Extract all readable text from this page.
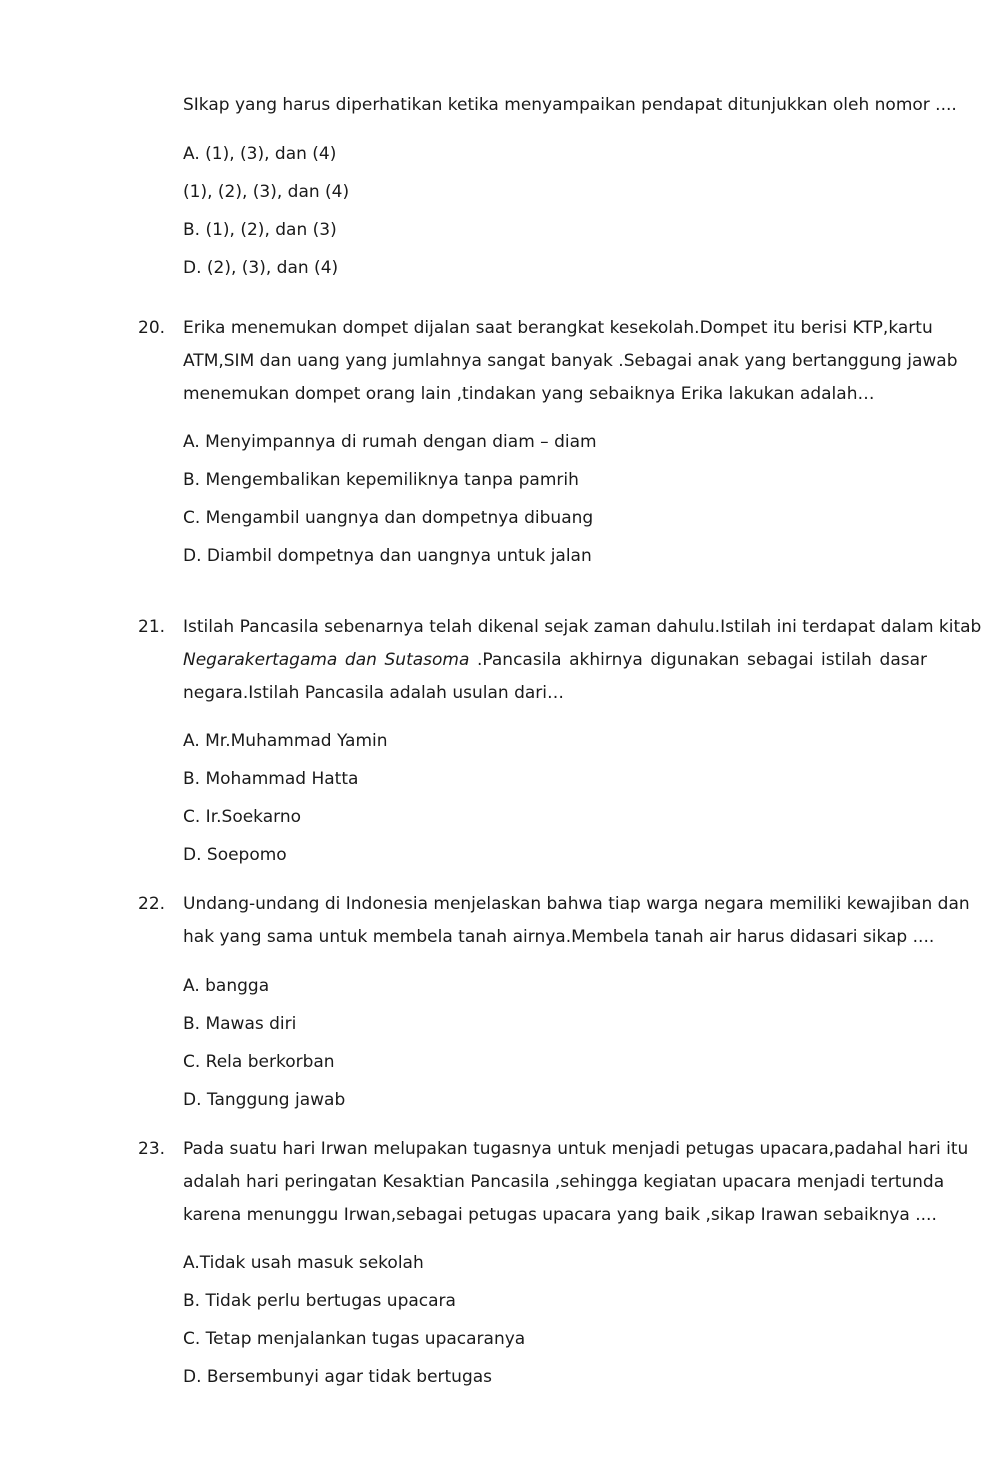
SIkap yang harus diperhatikan ketika menyampaikan pendapat ditunjukkan oleh nomor ....
A. (1), (3), dan (4)
(1), (2), (3), dan (4)
B. (1), (2), dan (3)
D. (2), (3), dan (4)
20. Erika menemukan dompet dijalan saat berangkat kesekolah.Dompet itu berisi KTP,kartu
ATM,SIM dan uang yang jumlahnya sangat banyak .Sebagai anak yang bertanggung jawab
menemukan dompet orang lain ,tindakan yang sebaiknya Erika lakukan adalah…
A. Menyimpannya di rumah dengan diam – diam
B. Mengembalikan kepemiliknya tanpa pamrih
C. Mengambil uangnya dan dompetnya dibuang
D. Diambil dompetnya dan uangnya untuk jalan
21. Istilah Pancasila sebenarnya telah dikenal sejak zaman dahulu.Istilah ini terdapat dalam kitab
Negarakertagama dan Sutasoma .Pancasila akhirnya digunakan sebagai istilah dasar
negara.Istilah Pancasila adalah usulan dari…
A. Mr.Muhammad Yamin
B. Mohammad Hatta
C. Ir.Soekarno
D. Soepomo
22. Undang-undang di Indonesia menjelaskan bahwa tiap warga negara memiliki kewajiban dan
hak yang sama untuk membela tanah airnya.Membela tanah air harus didasari sikap ....
A. bangga
B. Mawas diri
C. Rela berkorban
D. Tanggung jawab
23. Pada suatu hari Irwan melupakan tugasnya untuk menjadi petugas upacara,padahal hari itu
adalah hari peringatan Kesaktian Pancasila ,sehingga kegiatan upacara menjadi tertunda
karena menunggu Irwan,sebagai petugas upacara yang baik ,sikap Irawan sebaiknya ....
A.Tidak usah masuk sekolah
B. Tidak perlu bertugas upacara
C. Tetap menjalankan tugas upacaranya
D. Bersembunyi agar tidak bertugas
